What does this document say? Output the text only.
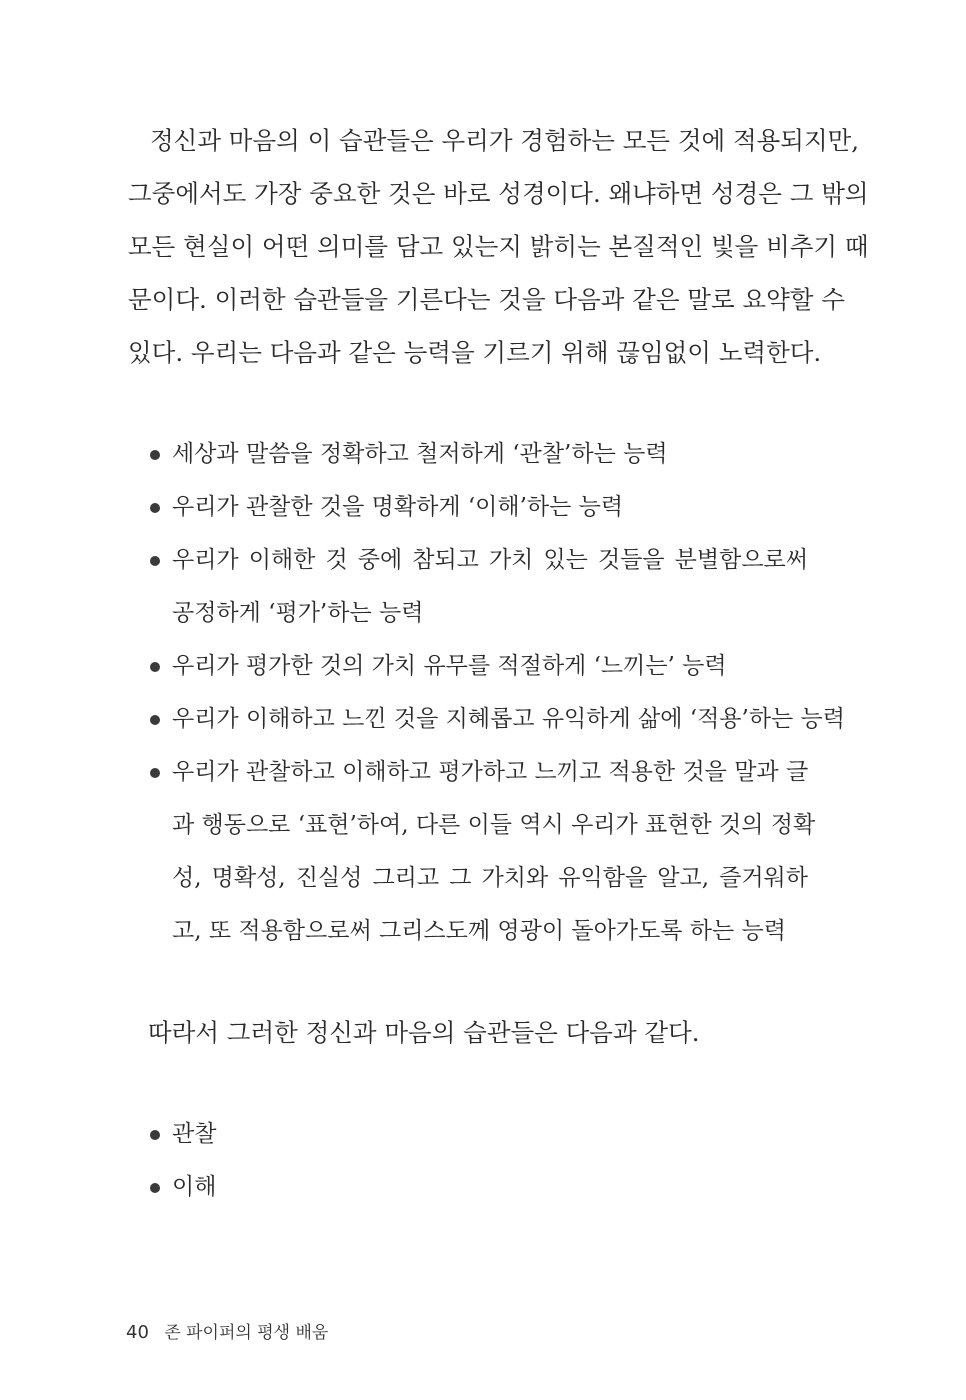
정신과 마음의 이 습관들은 우리가 경험하는 모든 것에 적용되지만,
그중에서도 가장 중요한 것은 바로 성경이다. 왜냐하면 성경은 그 밖의
모든 현실이 어떤 의미를 담고 있는지 밝히는 본질적인 빛을 비추기 때
문이다. 이러한 습관들을 기른다는 것을 다음과 같은 말로 요약할 수
있다. 우리는 다음과 같은 능력을 기르기 위해 끊임없이 노력한다.

세상과 말씀을 정확하고 철저하게 ‘관찰’하는 능력
우리가 관찰한 것을 명확하게 ‘이해’하는 능력
우리가 이해한 것 중에 참되고 가치 있는 것들을 분별함으로써
공정하게 ‘평가’하는 능력
우리가 평가한 것의 가치 유무를 적절하게 ‘느끼는’ 능력
우리가 이해하고 느낀 것을 지혜롭고 유익하게 삶에 ‘적용’하는 능력
우리가 관찰하고 이해하고 평가하고 느끼고 적용한 것을 말과 글
과 행동으로 ‘표현’하여, 다른 이들 역시 우리가 표현한 것의 정확
성, 명확성, 진실성 그리고 그 가치와 유익함을 알고, 즐거워하
고, 또 적용함으로써 그리스도께 영광이 돌아가도록 하는 능력

따라서 그러한 정신과 마음의 습관들은 다음과 같다.

관찰
이해
40 존 파이퍼의 평생 배움
